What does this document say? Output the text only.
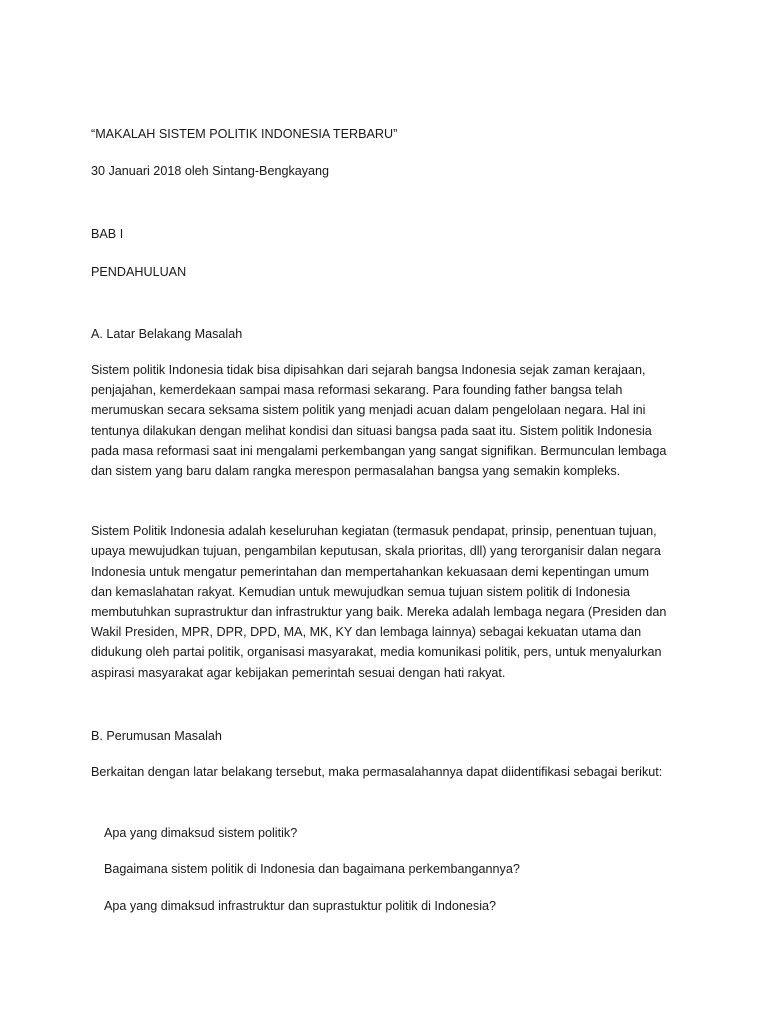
“MAKALAH SISTEM POLITIK INDONESIA TERBARU”
30 Januari 2018 oleh Sintang-Bengkayang
BAB I
PENDAHULUAN
A. Latar Belakang Masalah
Sistem politik Indonesia tidak bisa dipisahkan dari sejarah bangsa Indonesia sejak zaman kerajaan,
penjajahan, kemerdekaan sampai masa reformasi sekarang. Para founding father bangsa telah
merumuskan secara seksama sistem politik yang menjadi acuan dalam pengelolaan negara. Hal ini
tentunya dilakukan dengan melihat kondisi dan situasi bangsa pada saat itu. Sistem politik Indonesia
pada masa reformasi saat ini mengalami perkembangan yang sangat signifikan. Bermunculan lembaga
dan sistem yang baru dalam rangka merespon permasalahan bangsa yang semakin kompleks.
Sistem Politik Indonesia adalah keseluruhan kegiatan (termasuk pendapat, prinsip, penentuan tujuan,
upaya mewujudkan tujuan, pengambilan keputusan, skala prioritas, dll) yang terorganisir dalan negara
Indonesia untuk mengatur pemerintahan dan mempertahankan kekuasaan demi kepentingan umum
dan kemaslahatan rakyat. Kemudian untuk mewujudkan semua tujuan sistem politik di Indonesia
membutuhkan suprastruktur dan infrastruktur yang baik. Mereka adalah lembaga negara (Presiden dan
Wakil Presiden, MPR, DPR, DPD, MA, MK, KY dan lembaga lainnya) sebagai kekuatan utama dan
didukung oleh partai politik, organisasi masyarakat, media komunikasi politik, pers, untuk menyalurkan
aspirasi masyarakat agar kebijakan pemerintah sesuai dengan hati rakyat.
B. Perumusan Masalah
Berkaitan dengan latar belakang tersebut, maka permasalahannya dapat diidentifikasi sebagai berikut:
Apa yang dimaksud sistem politik?
Bagaimana sistem politik di Indonesia dan bagaimana perkembangannya?
Apa yang dimaksud infrastruktur dan suprastuktur politik di Indonesia?
